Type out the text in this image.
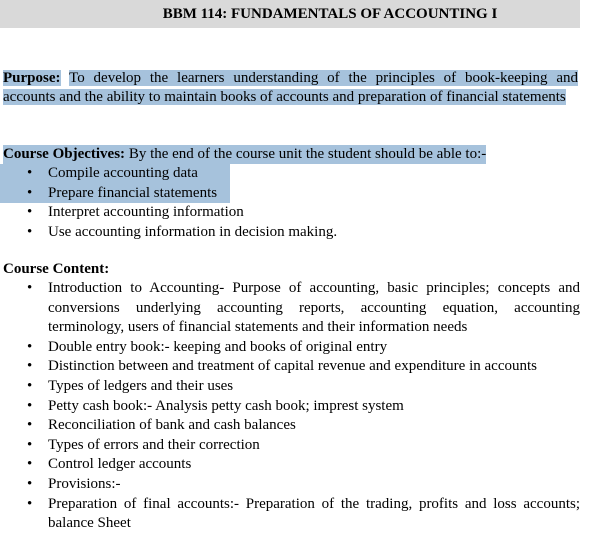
BBM 114: FUNDAMENTALS OF ACCOUNTING I

Purpose: To develop the learners understanding of the principles of book-keeping and accounts and the ability to maintain books of accounts and preparation of financial statements

Course Objectives: By the end of the course unit the student should be able to:-

• Compile accounting data
• Prepare financial statements
• Interpret accounting information
• Use accounting information in decision making.

Course Content:

• Introduction to Accounting- Purpose of accounting, basic principles; concepts and conversions underlying accounting reports, accounting equation, accounting terminology, users of financial statements and their information needs
• Double entry book:- keeping and books of original entry
• Distinction between and treatment of capital revenue and expenditure in accounts
• Types of ledgers and their uses
• Petty cash book:- Analysis petty cash book; imprest system
• Reconciliation of bank and cash balances
• Types of errors and their correction
• Control ledger accounts
• Provisions:-
• Preparation of final accounts:- Preparation of the trading, profits and loss accounts; balance Sheet
